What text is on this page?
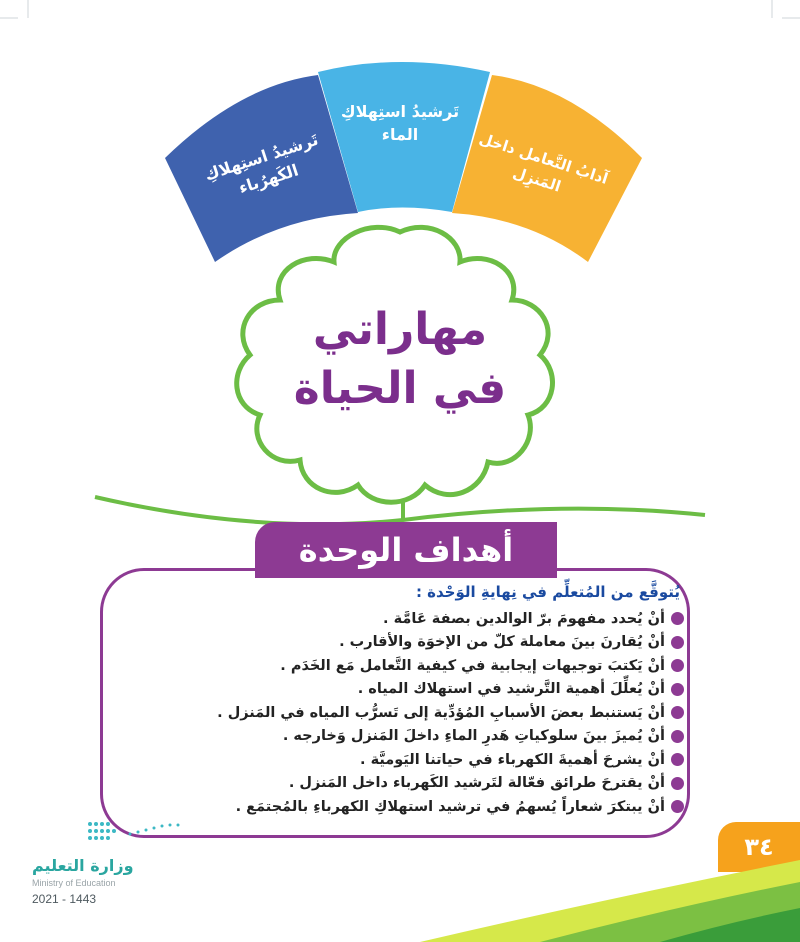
تَرشيدُ استِهلاكِ الكَهرُباء
تَرشيدُ استِهلاكِ الماء	آدابُ التَّعامل داخل المَنزِل
مهاراتي
في الحياة
أهداف الوحدة
يُتوقَّع من المُتعلِّم في نِهايةِ الوَحْدة :
أنْ يُحدد مفهومَ برّ الوالدين بصفة عَامَّة .
أنْ يُقارنَ بينَ معاملة كلّ من الإخوَة والأقارب .
أنْ يَكتبَ توجيهات إيجابية في كيفية التَّعامل مَع الخَدَم .
أنْ يُعلِّلَ أهمية التَّرشيد في استهلاك المياه .
أنْ يَستنبط بعضَ الأسبابِ المُؤدِّية إلى تَسرُّب المياه في المَنزل .
أنْ يُميزَ بينَ سلوكياتِ هَدرِ الماءِ داخلَ المَنزل وَخارجه .
أنْ يشرحَ أهميةَ الكهرباء في حياتنا اليَوميَّة .
أنْ يقترحَ طرائق فعّالة لتَرشيد الكَهرباء داخل المَنزل .
أنْ يبتكرَ شعاراً يُسهمُ في ترشيد استهلاكِ الكهرباءِ بالمُجتمَع .
٣٤
وزارة التعليم
Ministry of Education
2021 - 1443
